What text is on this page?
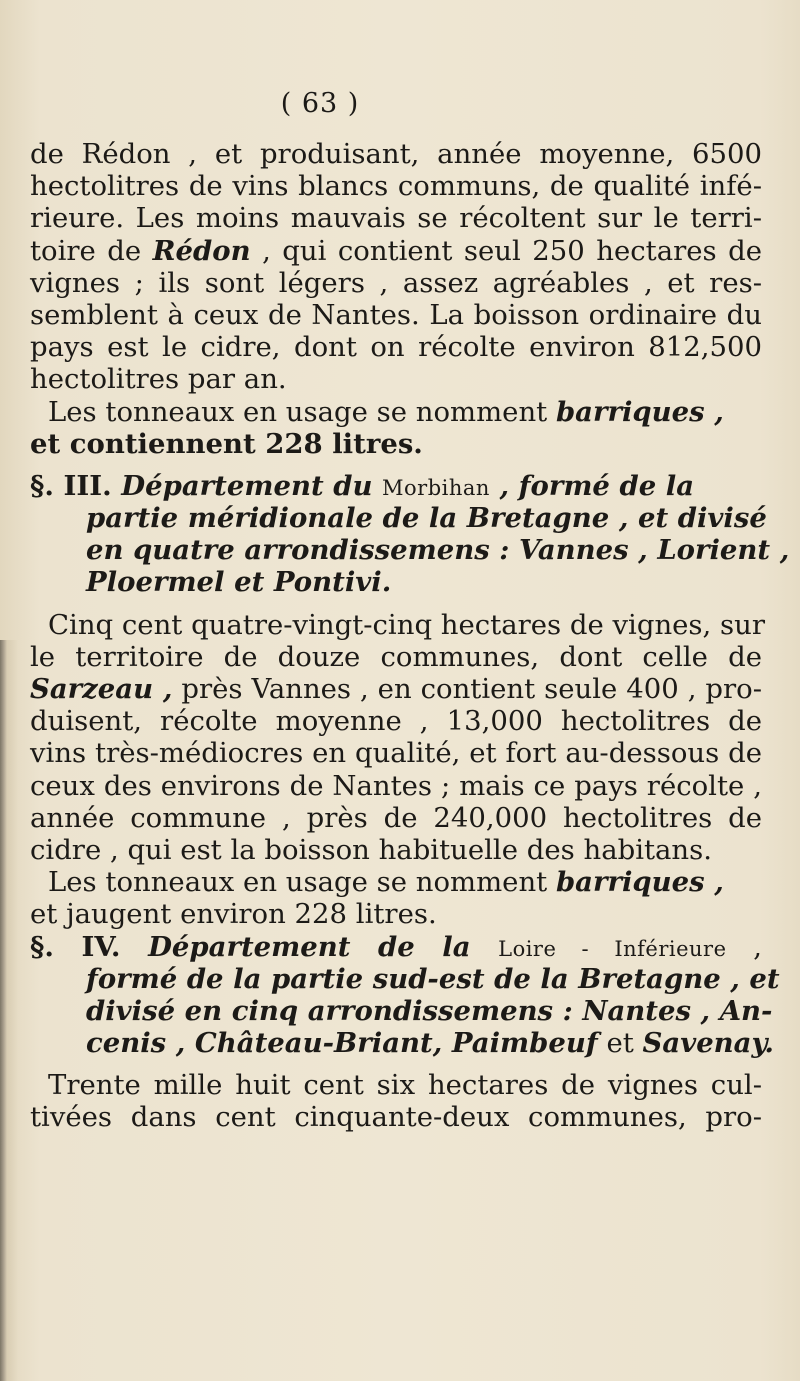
( 63 )
de Rédon , et produisant, année moyenne, 6500
hectolitres de vins blancs communs, de qualité infé-
rieure. Les moins mauvais se récoltent sur le terri-
toire de Rédon , qui contient seul 250 hectares de
vignes ; ils sont légers , assez agréables , et res-
semblent à ceux de Nantes. La boisson ordinaire du
pays est le cidre, dont on récolte environ 812,500
hectolitres par an.
Les tonneaux en usage se nomment barriques ,
et contiennent 228 litres.
§. III. Département du Morbihan , formé de la
partie méridionale de la Bretagne , et divisé
en quatre arrondissemens : Vannes , Lorient ,
Ploermel et Pontivi.
Cinq cent quatre-vingt-cinq hectares de vignes, sur
le territoire de douze communes, dont celle de
Sarzeau , près Vannes , en contient seule 400 , pro-
duisent, récolte moyenne , 13,000 hectolitres de
vins très-médiocres en qualité, et fort au-dessous de
ceux des environs de Nantes ; mais ce pays récolte ,
année commune , près de 240,000 hectolitres de
cidre , qui est la boisson habituelle des habitans.
Les tonneaux en usage se nomment barriques ,
et jaugent environ 228 litres.
§. IV. Département de la Loire - Inférieure ,
formé de la partie sud-est de la Bretagne , et
divisé en cinq arrondissemens : Nantes , An-
cenis , Château-Briant, Paimbeuf et Savenay.
Trente mille huit cent six hectares de vignes cul-
tivées dans cent cinquante-deux communes, pro-
